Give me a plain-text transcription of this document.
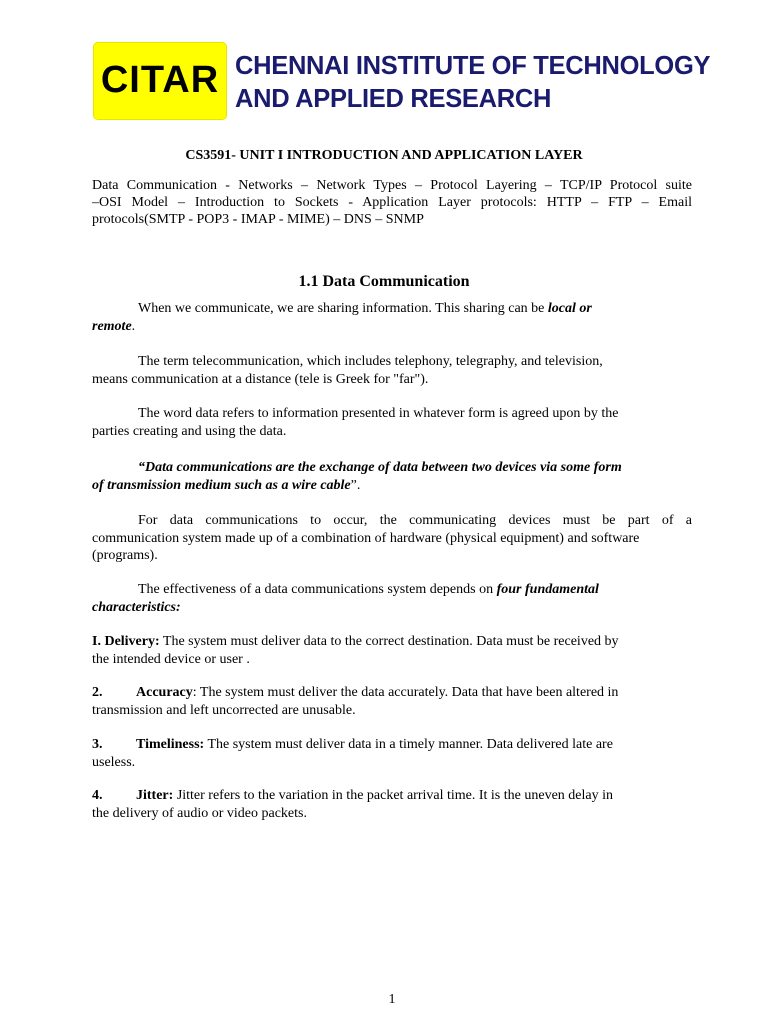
CITAR CHENNAI INSTITUTE OF TECHNOLOGY
AND APPLIED RESEARCH
CS3591- UNIT I INTRODUCTION AND APPLICATION LAYER
Data Communication - Networks – Network Types – Protocol Layering – TCP/IP Protocol suite
–OSI Model – Introduction to Sockets - Application Layer protocols: HTTP – FTP – Email
protocols(SMTP - POP3 - IMAP - MIME) – DNS – SNMP
1.1 Data Communication
When we communicate, we are sharing information. This sharing can be local or
remote.
The term telecommunication, which includes telephony, telegraphy, and television,
means communication at a distance (tele is Greek for "far").
The word data refers to information presented in whatever form is agreed upon by the
parties creating and using the data.
“Data communications are the exchange of data between two devices via some form
of transmission medium such as a wire cable”.
For data communications to occur, the communicating devices must be part of a
communication system made up of a combination of hardware (physical equipment) and software
(programs).
The effectiveness of a data communications system depends on four fundamental
characteristics:
I. Delivery: The system must deliver data to the correct destination. Data must be received by
the intended device or user .
2. Accuracy: The system must deliver the data accurately. Data that have been altered in
transmission and left uncorrected are unusable.
3. Timeliness: The system must deliver data in a timely manner. Data delivered late are
useless.
4. Jitter: Jitter refers to the variation in the packet arrival time. It is the uneven delay in
the delivery of audio or video packets.
1
